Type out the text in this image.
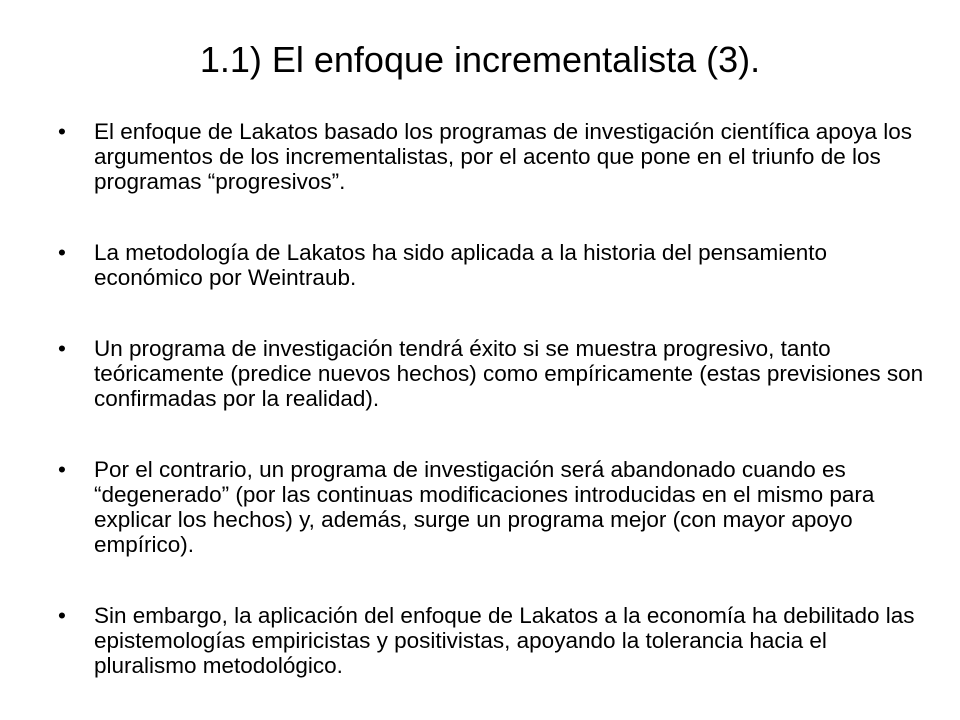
1.1) El enfoque incrementalista (3).
•	El enfoque de Lakatos basado los programas de investigación científica apoya los argumentos de los incrementalistas, por el acento que pone en el triunfo de los programas “progresivos”.
•	La metodología de Lakatos ha sido aplicada a la historia del pensamiento económico por Weintraub.
•	Un programa de investigación tendrá éxito si se muestra progresivo, tanto teóricamente (predice nuevos hechos) como empíricamente (estas previsiones son confirmadas por la realidad).
•	Por el contrario, un programa de investigación será abandonado cuando es “degenerado” (por las continuas modificaciones introducidas en el mismo para explicar los hechos) y, además, surge un programa mejor (con mayor apoyo empírico).
•	Sin embargo, la aplicación del enfoque de Lakatos a la economía ha debilitado las epistemologías empiricistas y positivistas, apoyando la tolerancia hacia el pluralismo metodológico.
